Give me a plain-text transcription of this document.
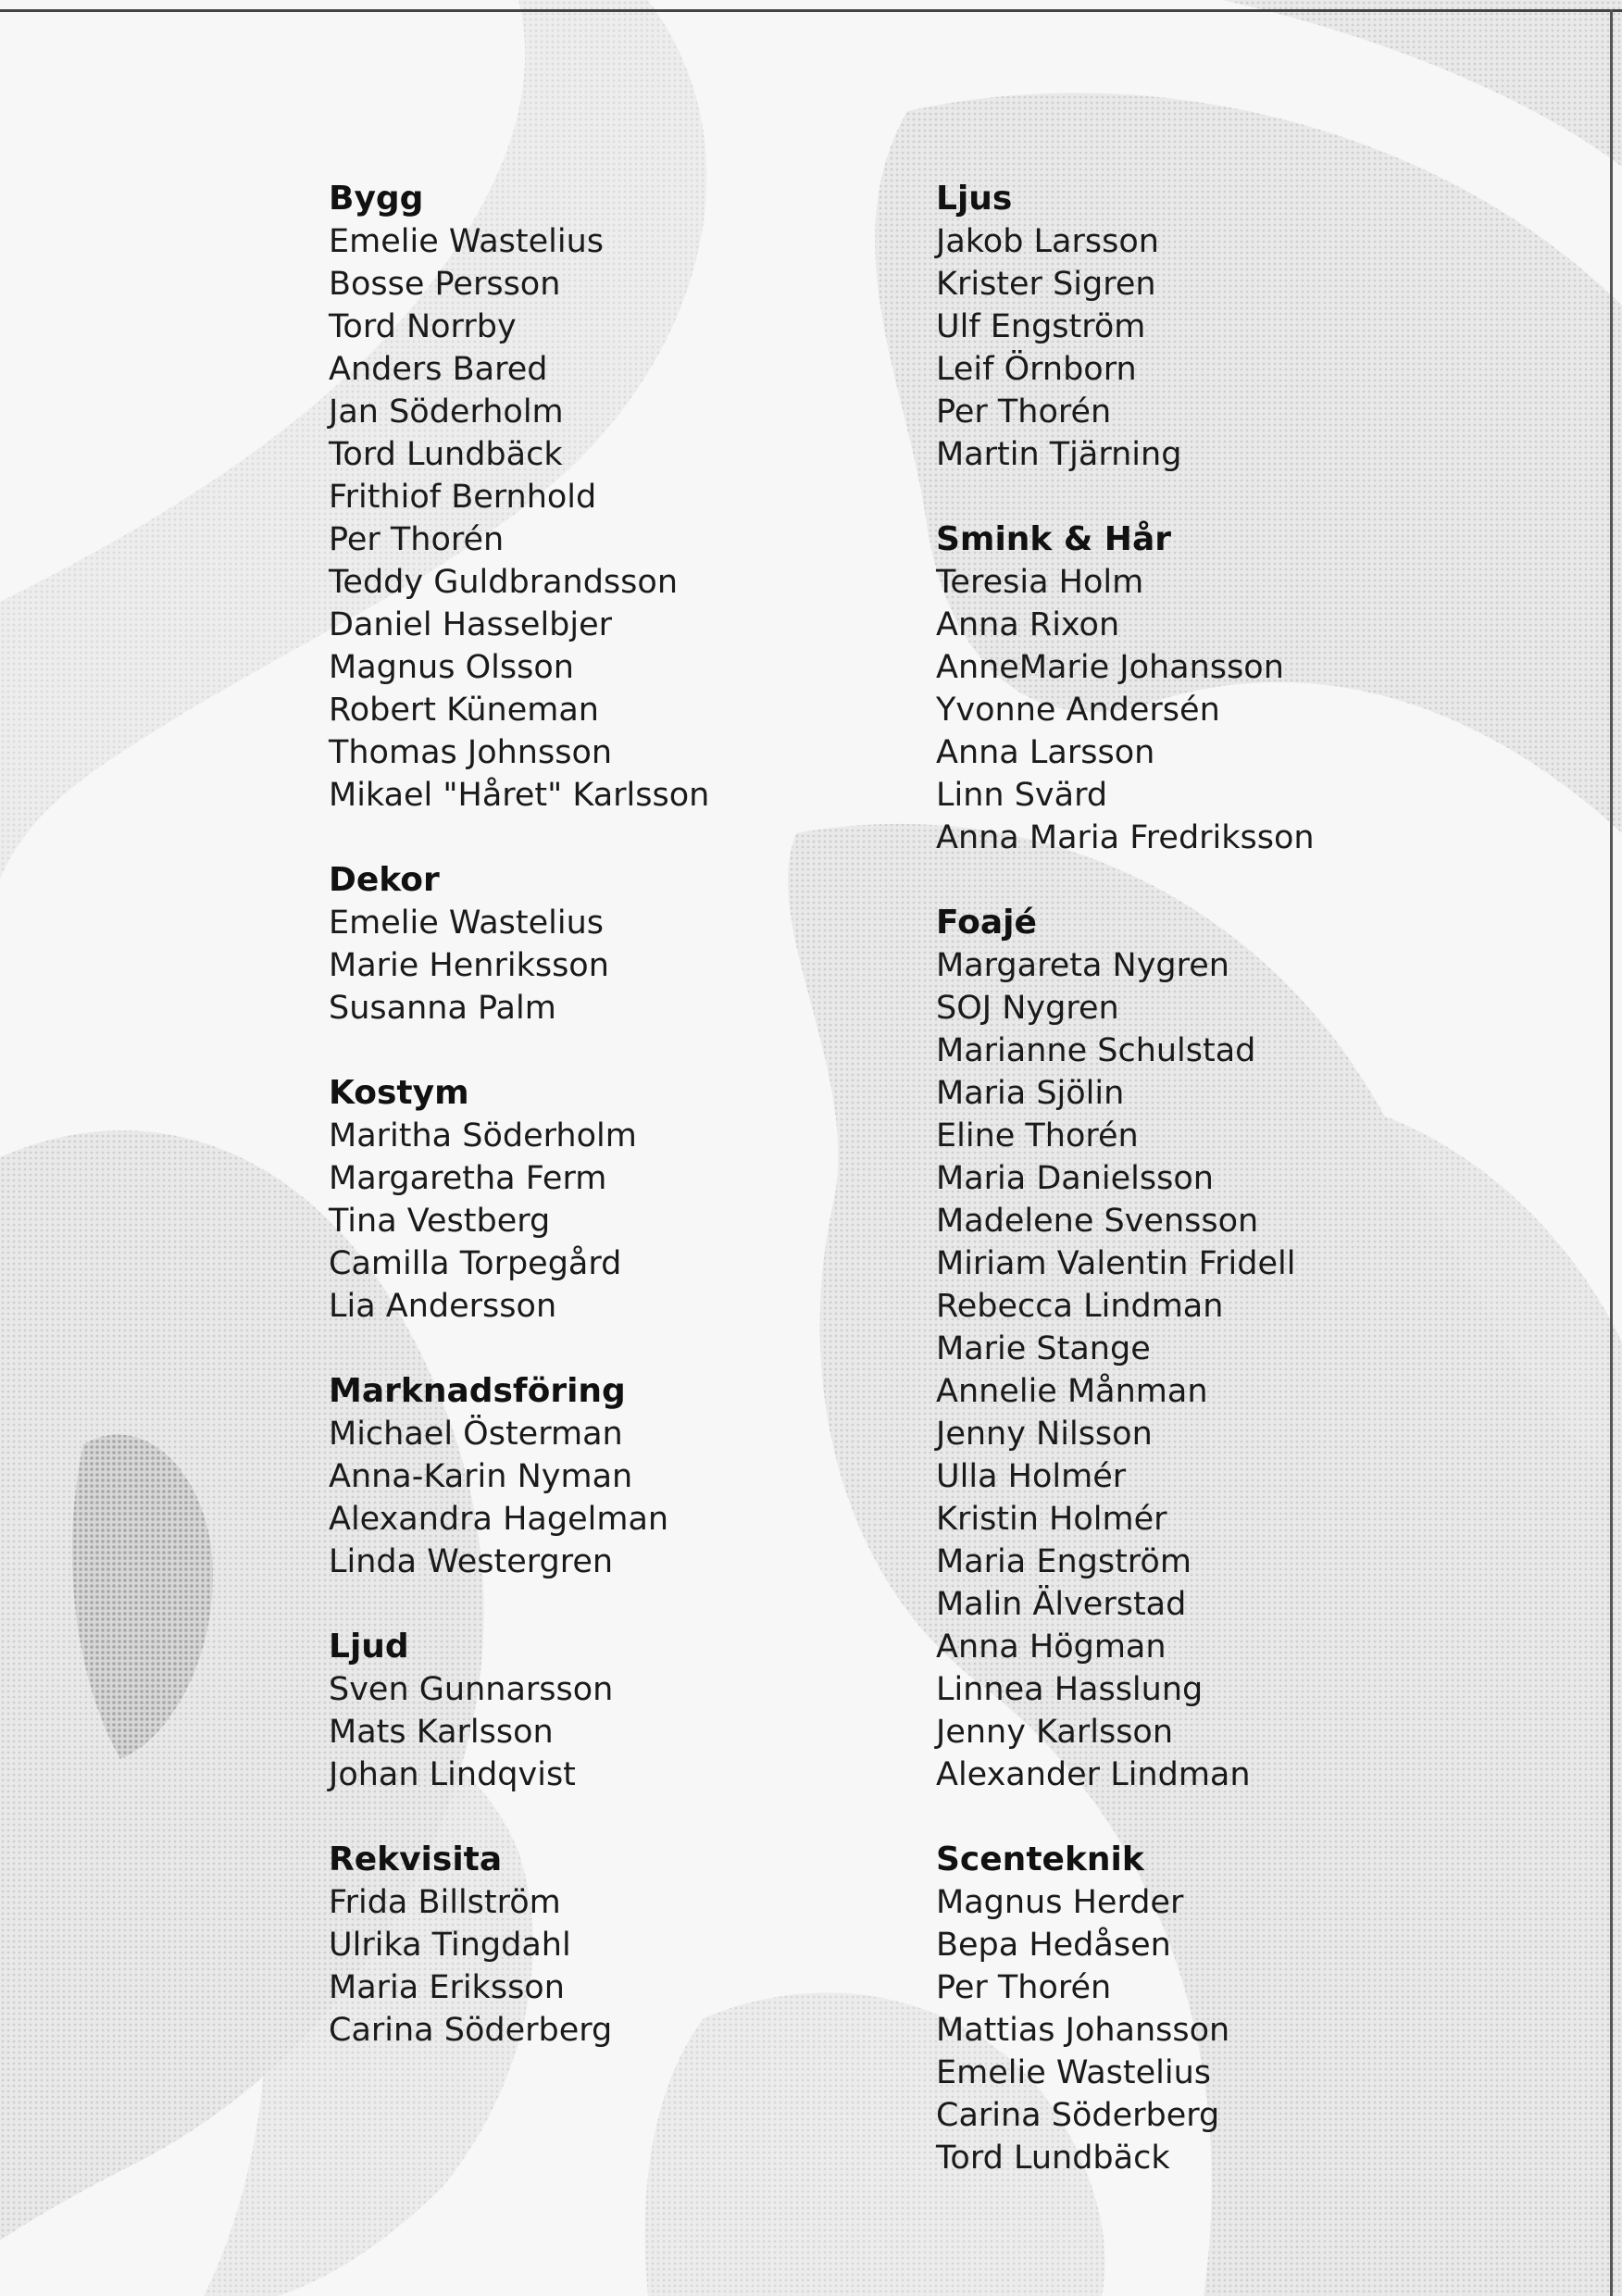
Bygg
Emelie Wastelius
Bosse Persson
Tord Norrby
Anders Bared
Jan Söderholm
Tord Lundbäck
Frithiof Bernhold
Per Thorén
Teddy Guldbrandsson
Daniel Hasselbjer
Magnus Olsson
Robert Küneman
Thomas Johnsson
Mikael "Håret" Karlsson
Dekor
Emelie Wastelius
Marie Henriksson
Susanna Palm
Kostym
Maritha Söderholm
Margaretha Ferm
Tina Vestberg
Camilla Torpegård
Lia Andersson
Marknadsföring
Michael Österman
Anna-Karin Nyman
Alexandra Hagelman
Linda Westergren
Ljud
Sven Gunnarsson
Mats Karlsson
Johan Lindqvist
Rekvisita
Frida Billström
Ulrika Tingdahl
Maria Eriksson
Carina Söderberg
Ljus
Jakob Larsson
Krister Sigren
Ulf Engström
Leif Örnborn
Per Thorén
Martin Tjärning
Smink & Hår
Teresia Holm
Anna Rixon
AnneMarie Johansson
Yvonne Andersén
Anna Larsson
Linn Svärd
Anna Maria Fredriksson
Foajé
Margareta Nygren
SOJ Nygren
Marianne Schulstad
Maria Sjölin
Eline Thorén
Maria Danielsson
Madelene Svensson
Miriam Valentin Fridell
Rebecca Lindman
Marie Stange
Annelie Månman
Jenny Nilsson
Ulla Holmér
Kristin Holmér
Maria Engström
Malin Älverstad
Anna Högman
Linnea Hasslung
Jenny Karlsson
Alexander Lindman
Scenteknik
Magnus Herder
Bepa Hedåsen
Per Thorén
Mattias Johansson
Emelie Wastelius
Carina Söderberg
Tord Lundbäck
